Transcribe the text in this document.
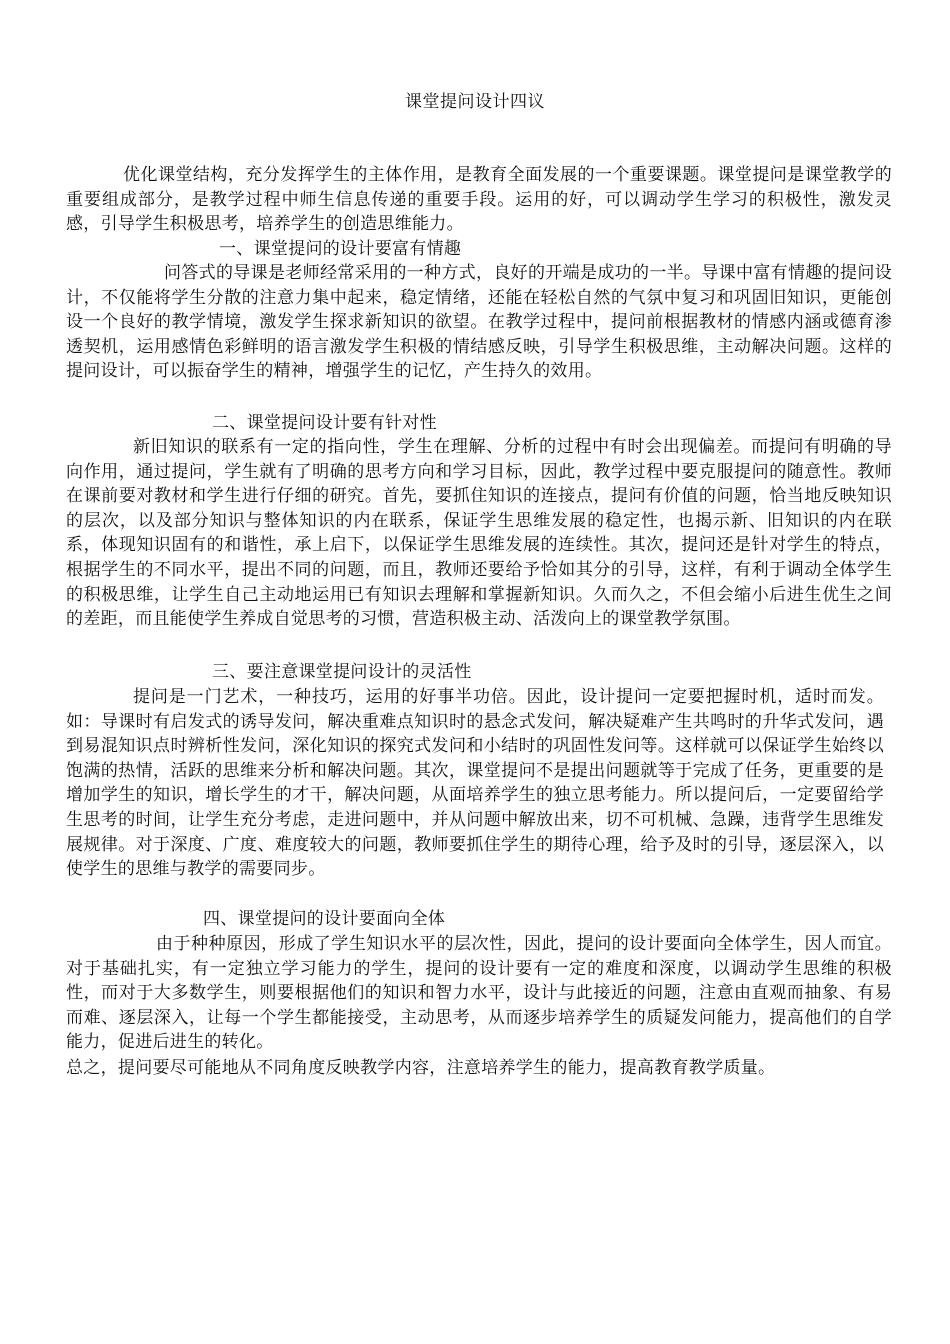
课堂提问设计四议

优化课堂结构，充分发挥学生的主体作用，是教育全面发展的一个重要课题。课堂提问是课堂教学的重要组成部分，是教学过程中师生信息传递的重要手段。运用的好，可以调动学生学习的积极性，激发灵感，引导学生积极思考，培养学生的创造思维能力。

一、课堂提问的设计要富有情趣

问答式的导课是老师经常采用的一种方式，良好的开端是成功的一半。导课中富有情趣的提问设计，不仅能将学生分散的注意力集中起来，稳定情绪，还能在轻松自然的气氛中复习和巩固旧知识，更能创设一个良好的教学情境，激发学生探求新知识的欲望。在教学过程中，提问前根据教材的情感内涵或德育渗透契机，运用感情色彩鲜明的语言激发学生积极的情结感反映，引导学生积极思维，主动解决问题。这样的提问设计，可以振奋学生的精神，增强学生的记忆，产生持久的效用。

二、课堂提问设计要有针对性

新旧知识的联系有一定的指向性，学生在理解、分析的过程中有时会出现偏差。而提问有明确的导向作用，通过提问，学生就有了明确的思考方向和学习目标，因此，教学过程中要克服提问的随意性。教师在课前要对教材和学生进行仔细的研究。首先，要抓住知识的连接点，提问有价值的问题，恰当地反映知识的层次，以及部分知识与整体知识的内在联系，保证学生思维发展的稳定性，也揭示新、旧知识的内在联系，体现知识固有的和谐性，承上启下，以保证学生思维发展的连续性。其次，提问还是针对学生的特点，根据学生的不同水平，提出不同的问题，而且，教师还要给予恰如其分的引导，这样，有利于调动全体学生的积极思维，让学生自己主动地运用已有知识去理解和掌握新知识。久而久之，不但会缩小后进生优生之间的差距，而且能使学生养成自觉思考的习惯，营造积极主动、活泼向上的课堂教学氛围。

三、要注意课堂提问设计的灵活性

提问是一门艺术，一种技巧，运用的好事半功倍。因此，设计提问一定要把握时机，适时而发。如：导课时有启发式的诱导发问，解决重难点知识时的悬念式发问，解决疑难产生共鸣时的升华式发问，遇到易混知识点时辨析性发问，深化知识的探究式发问和小结时的巩固性发问等。这样就可以保证学生始终以饱满的热情，活跃的思维来分析和解决问题。其次，课堂提问不是提出问题就等于完成了任务，更重要的是增加学生的知识，增长学生的才干，解决问题，从面培养学生的独立思考能力。所以提问后，一定要留给学生思考的时间，让学生充分考虑，走进问题中，并从问题中解放出来，切不可机械、急躁，违背学生思维发展规律。对于深度、广度、难度较大的问题，教师要抓住学生的期待心理，给予及时的引导，逐层深入，以使学生的思维与教学的需要同步。

四、课堂提问的设计要面向全体

由于种种原因，形成了学生知识水平的层次性，因此，提问的设计要面向全体学生，因人而宜。对于基础扎实，有一定独立学习能力的学生，提问的设计要有一定的难度和深度，以调动学生思维的积极性，而对于大多数学生，则要根据他们的知识和智力水平，设计与此接近的问题，注意由直观而抽象、有易而难、逐层深入，让每一个学生都能接受，主动思考，从而逐步培养学生的质疑发问能力，提高他们的自学能力，促进后进生的转化。

总之，提问要尽可能地从不同角度反映教学内容，注意培养学生的能力，提高教育教学质量。
